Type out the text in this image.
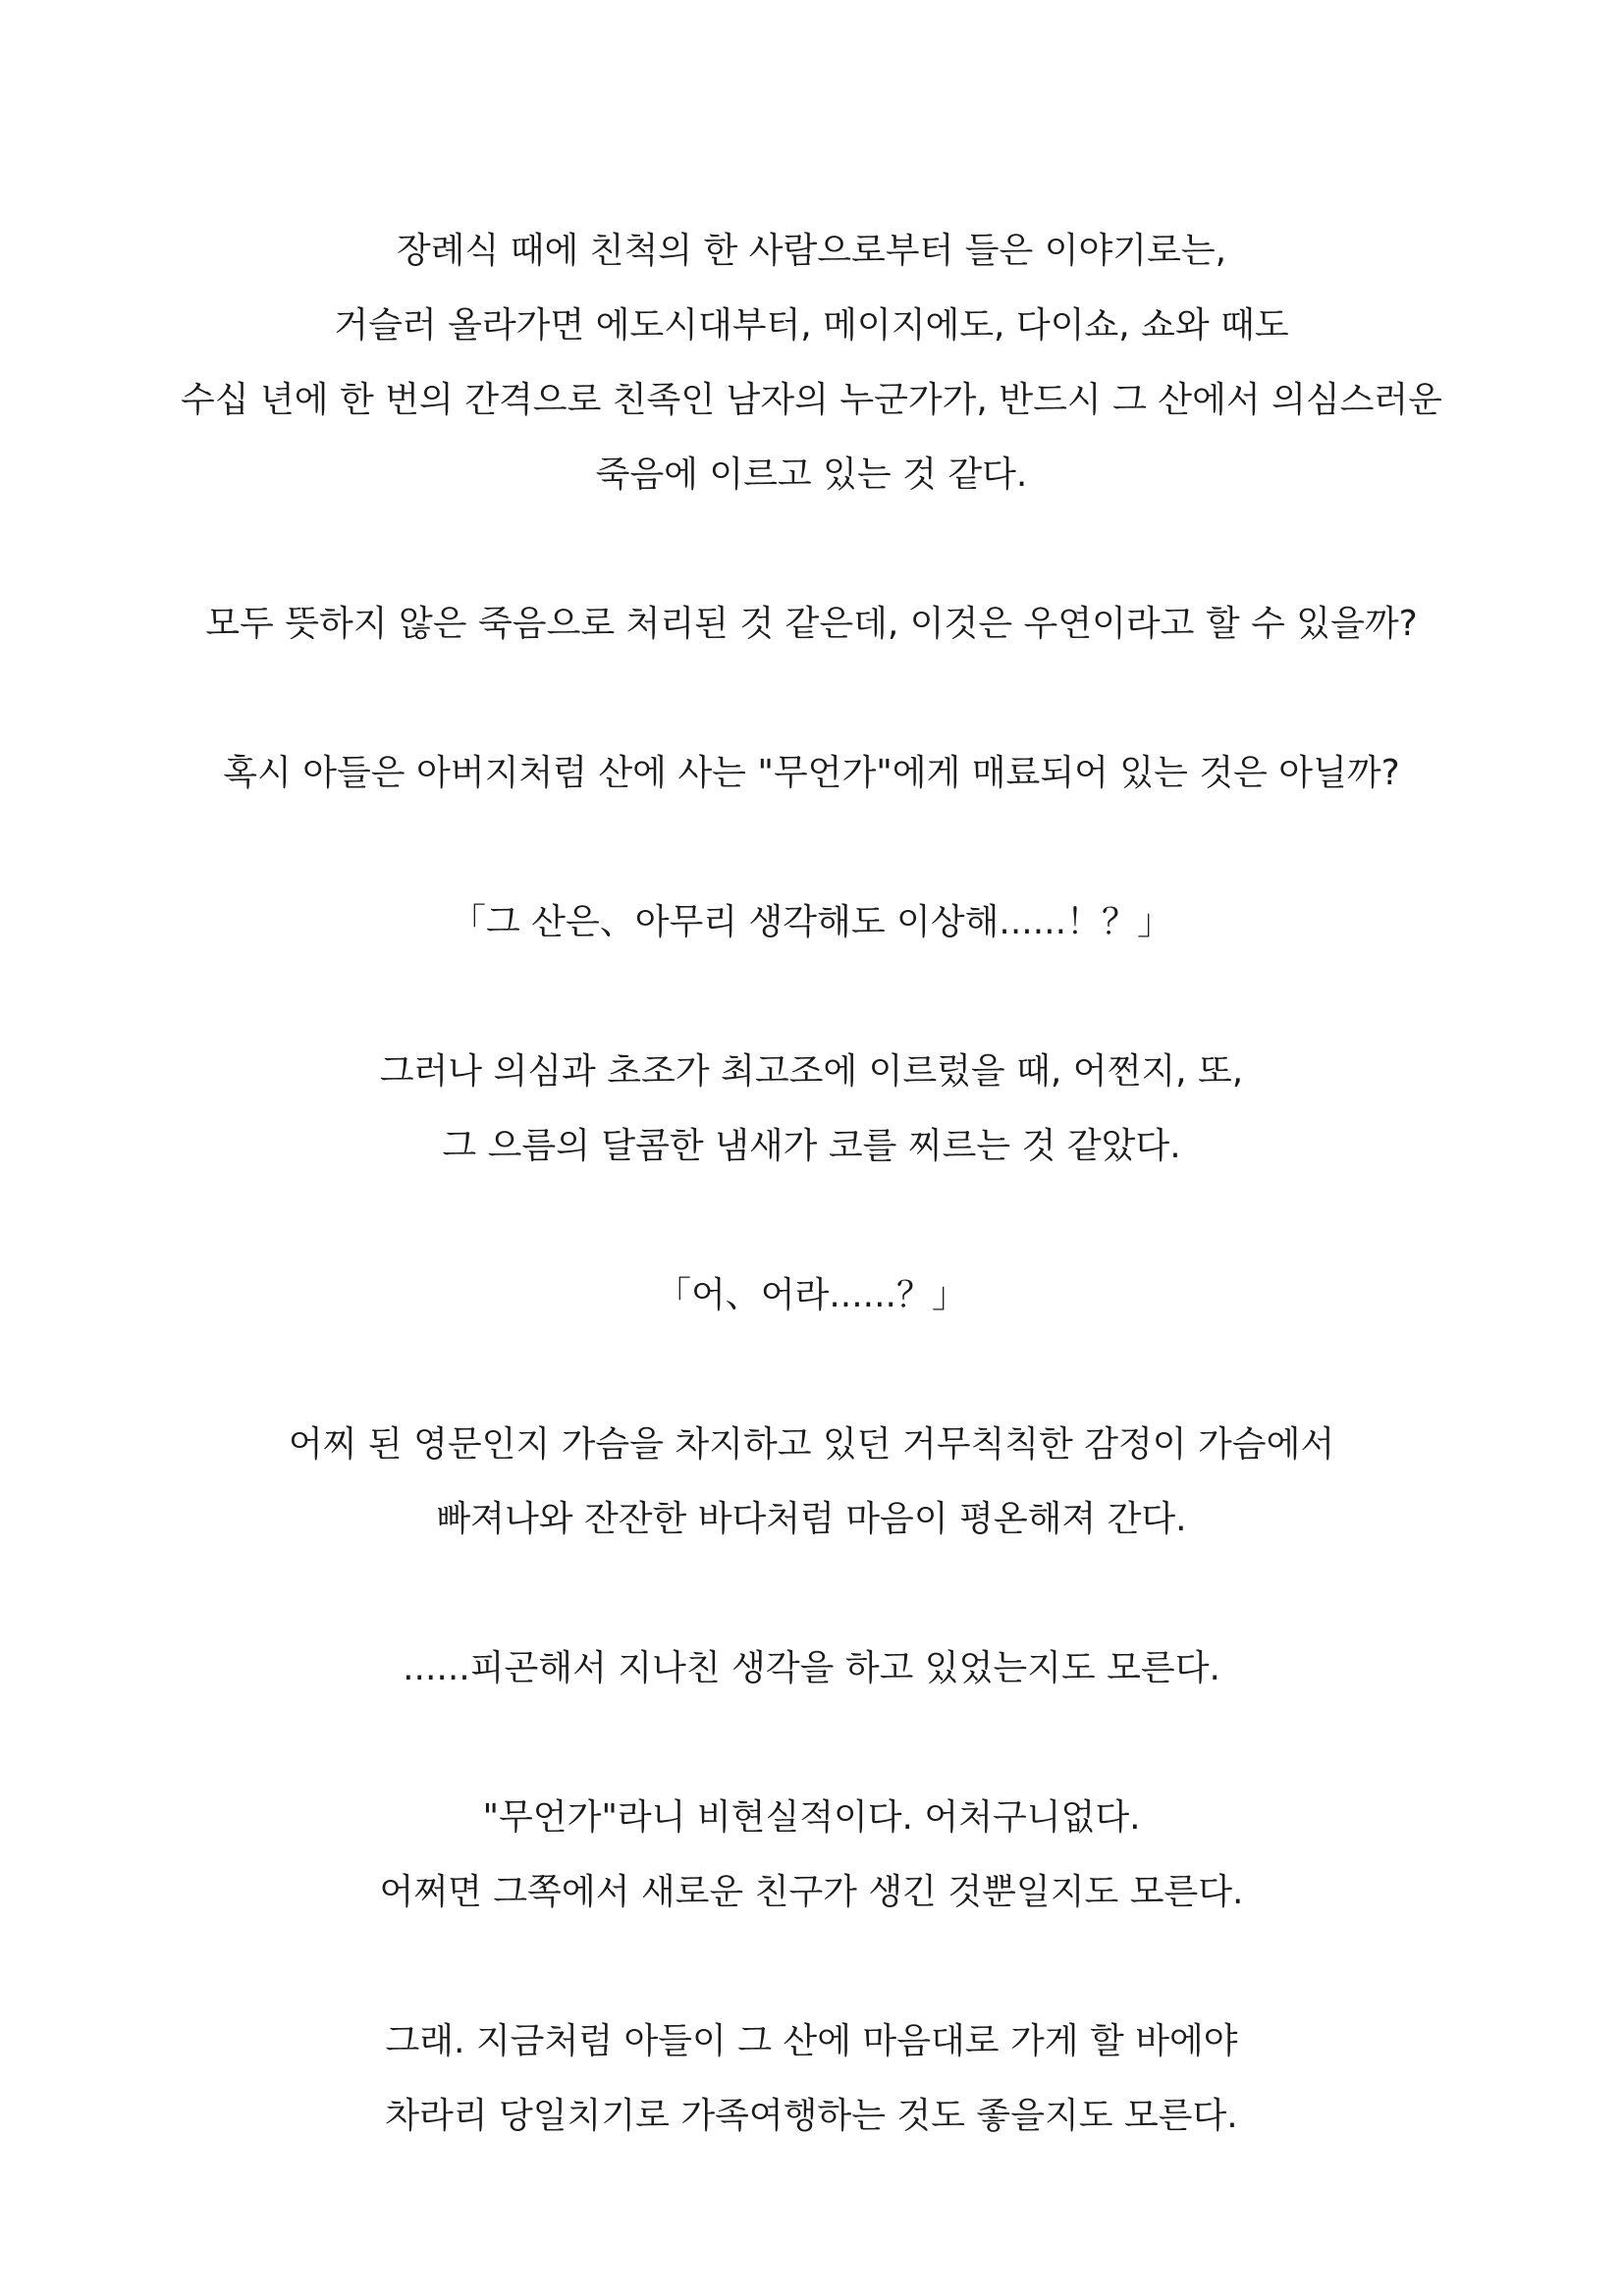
장례식 때에 친척의 한 사람으로부터 들은 이야기로는,
거슬러 올라가면 에도시대부터, 메이지에도, 다이쇼, 쇼와 때도
수십 년에 한 번의 간격으로 친족인 남자의 누군가가, 반드시 그 산에서 의심스러운
죽음에 이르고 있는 것 같다.

모두 뜻하지 않은 죽음으로 처리된 것 같은데, 이것은 우연이라고 할 수 있을까?

혹시 아들은 아버지처럼 산에 사는 "무언가"에게 매료되어 있는 것은 아닐까?

「그 산은、아무리 생각해도 이상해......！？」

그러나 의심과 초조가 최고조에 이르렀을 때, 어쩐지, 또,
그 으름의 달콤한 냄새가 코를 찌르는 것 같았다.

「어、어라......？」

어찌 된 영문인지 가슴을 차지하고 있던 거무칙칙한 감정이 가슴에서
빠져나와 잔잔한 바다처럼 마음이 평온해져 간다.

......피곤해서 지나친 생각을 하고 있었는지도 모른다.

"무언가"라니 비현실적이다. 어처구니없다.
어쩌면 그쪽에서 새로운 친구가 생긴 것뿐일지도 모른다.

그래. 지금처럼 아들이 그 산에 마음대로 가게 할 바에야
차라리 당일치기로 가족여행하는 것도 좋을지도 모른다.
